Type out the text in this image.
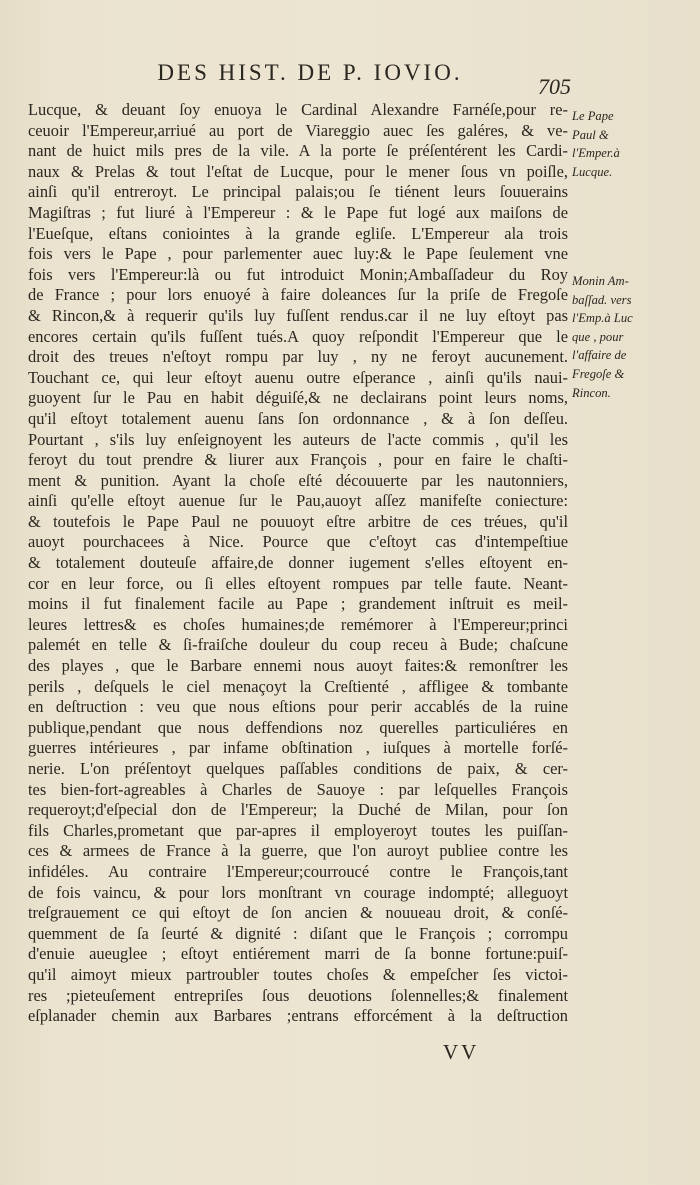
DES HIST. DE P. IOVIO.
705
Lucque, & deuant ſoy enuoya le Cardinal Alexandre Farnéſe,pour re-
ceuoir l'Empereur,arriué au port de Viareggio auec ſes galéres, & ve-
nant de huict mils pres de la vile. A la porte ſe préſentérent les Cardi-
naux & Prelas & tout l'eſtat de Lucque, pour le mener ſous vn poiſle,
ainſi qu'il entreroyt. Le principal palais;ou ſe tiénent leurs ſouuerains
Magiſtras ; fut liuré à l'Empereur : & le Pape fut logé aux maiſons de
l'Eueſque, eſtans coniointes à la grande egliſe. L'Empereur ala trois
fois vers le Pape , pour parlementer auec luy:& le Pape ſeulement vne
fois vers l'Empereur:là ou fut introduict Monin;Ambaſſadeur du Roy
de France ; pour lors enuoyé à faire doleances ſur la priſe de Fregoſe
& Rincon,& à requerir qu'ils luy fuſſent rendus.car il ne luy eſtoyt pas
encores certain qu'ils fuſſent tués.A quoy reſpondit l'Empereur que le
droit des treues n'eſtoyt rompu par luy , ny ne feroyt aucunement.
Touchant ce, qui leur eſtoyt auenu outre eſperance , ainſi qu'ils naui-
guoyent ſur le Pau en habit déguiſé,& ne declairans point leurs noms,
qu'il eſtoyt totalement auenu ſans ſon ordonnance , & à ſon deſſeu.
Pourtant , s'ils luy enſeignoyent les auteurs de l'acte commis , qu'il les
feroyt du tout prendre & liurer aux François , pour en faire le chaſti-
ment & punition. Ayant la choſe eſté découuerte par les nautonniers,
ainſi qu'elle eſtoyt auenue ſur le Pau,auoyt aſſez manifeſte coniecture:
& toutefois le Pape Paul ne pouuoyt eſtre arbitre de ces tréues, qu'il
auoyt pourchacees à Nice. Pource que c'eſtoyt cas d'intempeſtiue
& totalement douteuſe affaire,de donner iugement s'elles eſtoyent en-
cor en leur force, ou ſi elles eſtoyent rompues par telle faute. Neant-
moins il fut finalement facile au Pape ; grandement inſtruit es meil-
leures lettres& es choſes humaines;de remémorer à l'Empereur;princi
palemét en telle & ſi-fraiſche douleur du coup receu à Bude; chaſcune
des playes , que le Barbare ennemi nous auoyt faites:& remonſtrer les
perils , deſquels le ciel menaçoyt la Creſtienté , affligee & tombante
en deſtruction : veu que nous eſtions pour perir accablés de la ruine
publique,pendant que nous deffendions noz querelles particuliéres en
guerres intérieures , par infame obſtination , iuſques à mortelle forſé-
nerie. L'on préſentoyt quelques paſſables conditions de paix, & cer-
tes bien-fort-agreables à Charles de Sauoye : par leſquelles François
requeroyt;d'eſpecial don de l'Empereur; la Duché de Milan, pour ſon
fils Charles,prometant que par-apres il employeroyt toutes les puiſſan-
ces & armees de France à la guerre, que l'on auroyt publiee contre les
infidéles. Au contraire l'Empereur;courroucé contre le François,tant
de fois vaincu, & pour lors monſtrant vn courage indompté; alleguoyt
treſgrauement ce qui eſtoyt de ſon ancien & nouueau droit, & conſé-
quemment de ſa ſeurté & dignité : diſant que le François ; corrompu
d'enuie aueuglee ; eſtoyt entiérement marri de ſa bonne fortune:puiſ-
qu'il aimoyt mieux partroubler toutes choſes & empeſcher ſes victoi-
res ;pieteuſement entrepriſes ſous deuotions ſolennelles;& finalement
eſplanader chemin aux Barbares ;entrans efforcément à la deſtruction
Le Pape
Paul &
l'Emper.à
Lucque.
Monin Am-
baſſad. vers
l'Emp.à Luc
que , pour
l'affaire de
Fregoſe &
Rincon.
VV
